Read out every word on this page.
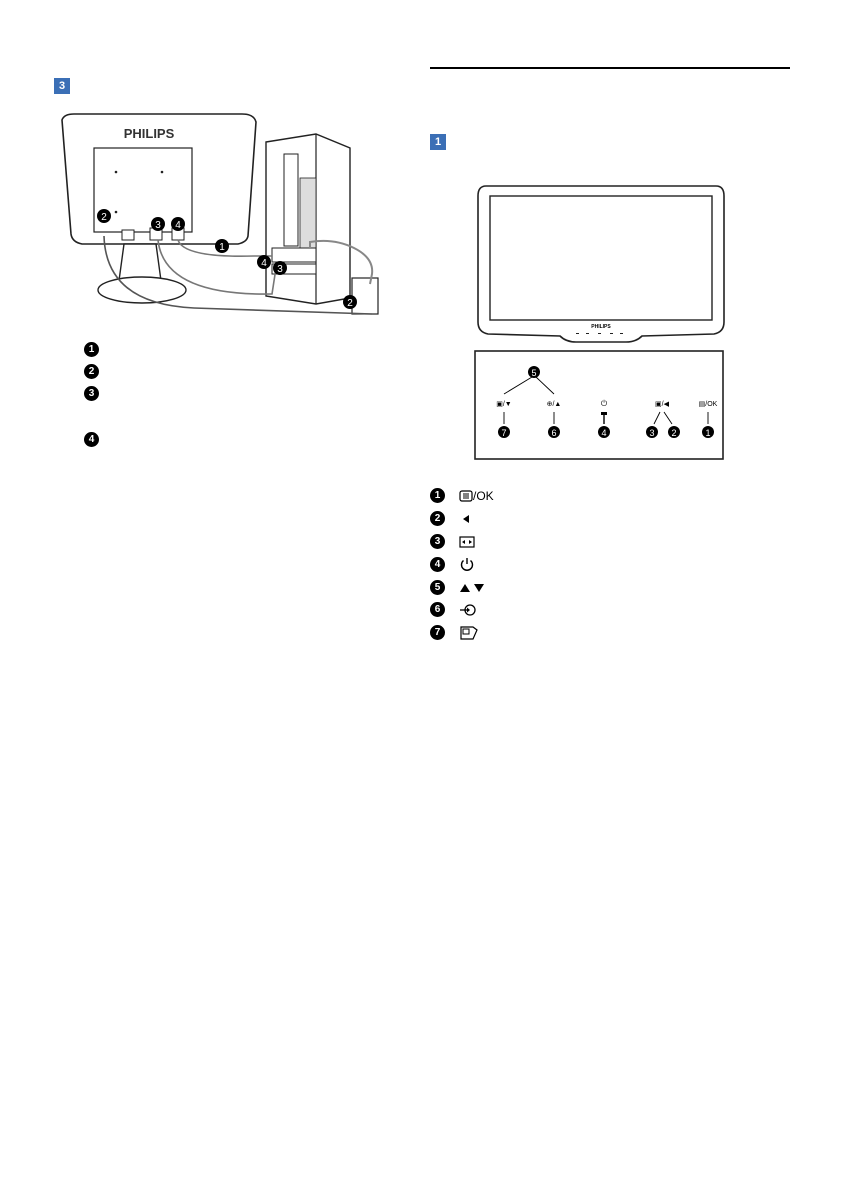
3
PHILIPS
1
2
3 4
4
3
2
1
2
3
4
1
PHILIPS
5
▣/▼	⊕/▲	⏻	▣/◀	▤/OK
7	6	4	3 2	1
1	/OK
2
3
4
5
6
7
